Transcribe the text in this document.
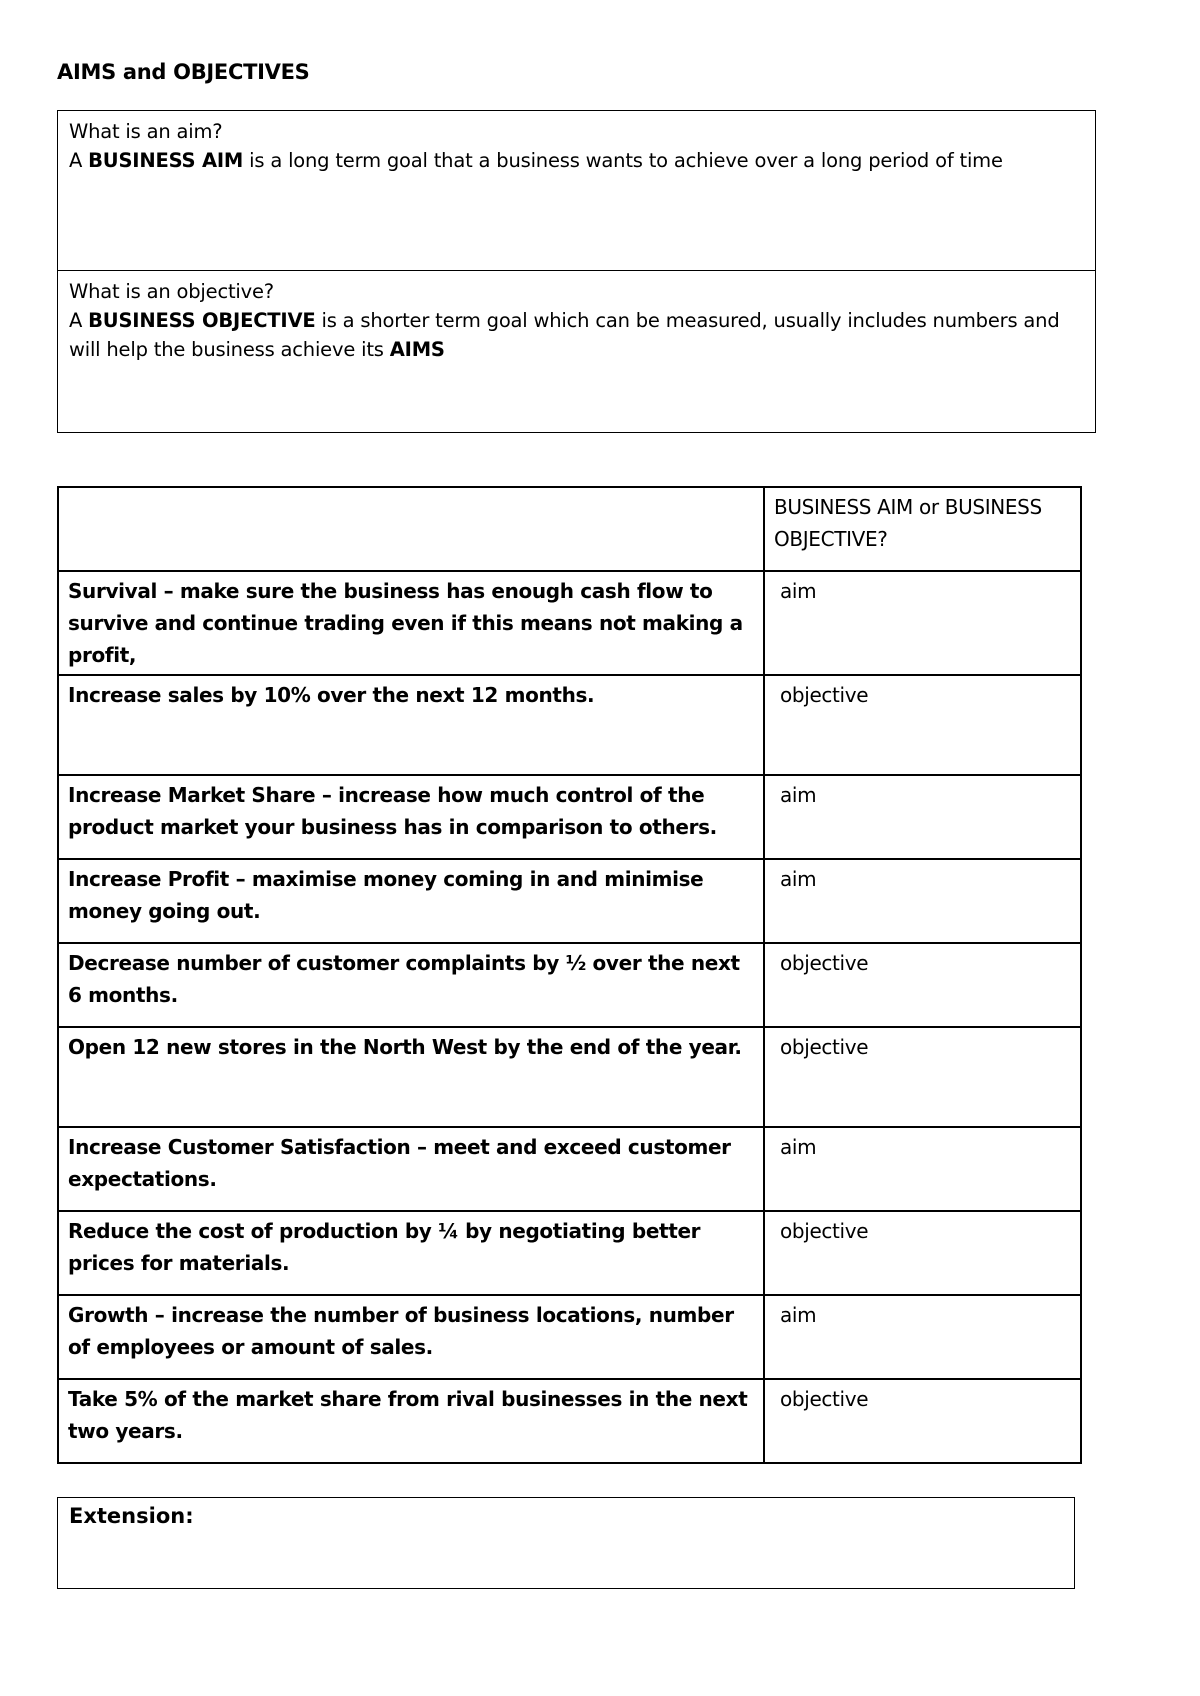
AIMS and OBJECTIVES
What is an aim?
A BUSINESS AIM is a long term goal that a business wants to achieve over a long period of time
What is an objective?
A BUSINESS OBJECTIVE is a shorter term goal which can be measured, usually includes numbers and will help the business achieve its AIMS
	BUSINESS AIM or BUSINESS OBJECTIVE?
Survival – make sure the business has enough cash flow to survive and continue trading even if this means not making a profit,	aim
Increase sales by 10% over the next 12 months.	objective
Increase Market Share – increase how much control of the product market your business has in comparison to others.	aim
Increase Profit – maximise money coming in and minimise money going out.	aim
Decrease number of customer complaints by ½ over the next 6 months.	objective
Open 12 new stores in the North West by the end of the year.	objective
Increase Customer Satisfaction – meet and exceed customer expectations.	aim
Reduce the cost of production by ¼ by negotiating better prices for materials.	objective
Growth – increase the number of business locations, number of employees or amount of sales.	aim
Take 5% of the market share from rival businesses in the next two years.	objective
Extension:
